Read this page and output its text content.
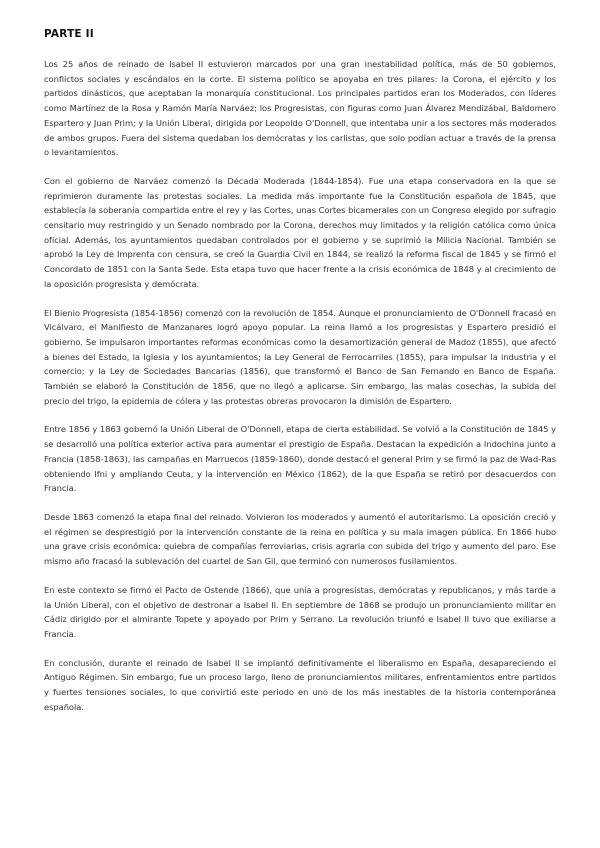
PARTE II

Los 25 años de reinado de Isabel II estuvieron marcados por una gran inestabilidad política, más de 50 gobiernos, conflictos sociales y escándalos en la corte. El sistema político se apoyaba en tres pilares: la Corona, el ejército y los partidos dinásticos, que aceptaban la monarquía constitucional. Los principales partidos eran los Moderados, con líderes como Martínez de la Rosa y Ramón María Narváez; los Progresistas, con figuras como Juan Álvarez Mendizábal, Baldomero Espartero y Juan Prim; y la Unión Liberal, dirigida por Leopoldo O'Donnell, que intentaba unir a los sectores más moderados de ambos grupos. Fuera del sistema quedaban los demócratas y los carlistas, que solo podían actuar a través de la prensa o levantamientos.

Con el gobierno de Narváez comenzó la Década Moderada (1844-1854). Fue una etapa conservadora en la que se reprimieron duramente las protestas sociales. La medida más importante fue la Constitución española de 1845, que establecía la soberanía compartida entre el rey y las Cortes, unas Cortes bicamerales con un Congreso elegido por sufragio censitario muy restringido y un Senado nombrado por la Corona, derechos muy limitados y la religión católica como única oficial. Además, los ayuntamientos quedaban controlados por el gobierno y se suprimió la Milicia Nacional. También se aprobó la Ley de Imprenta con censura, se creó la Guardia Civil en 1844, se realizó la reforma fiscal de 1845 y se firmó el Concordato de 1851 con la Santa Sede. Esta etapa tuvo que hacer frente a la crisis económica de 1848 y al crecimiento de la oposición progresista y demócrata.

El Bienio Progresista (1854-1856) comenzó con la revolución de 1854. Aunque el pronunciamiento de O'Donnell fracasó en Vicálvaro, el Manifiesto de Manzanares logró apoyo popular. La reina llamó a los progresistas y Espartero presidió el gobierno. Se impulsaron importantes reformas económicas como la desamortización general de Madoz (1855), que afectó a bienes del Estado, la Iglesia y los ayuntamientos; la Ley General de Ferrocarriles (1855), para impulsar la industria y el comercio; y la Ley de Sociedades Bancarias (1856), que transformó el Banco de San Fernando en Banco de España. También se elaboró la Constitución de 1856, que no llegó a aplicarse. Sin embargo, las malas cosechas, la subida del precio del trigo, la epidemia de cólera y las protestas obreras provocaron la dimisión de Espartero.

Entre 1856 y 1863 gobernó la Unión Liberal de O'Donnell, etapa de cierta estabilidad. Se volvió a la Constitución de 1845 y se desarrolló una política exterior activa para aumentar el prestigio de España. Destacan la expedición a Indochina junto a Francia (1858-1863), las campañas en Marruecos (1859-1860), donde destacó el general Prim y se firmó la paz de Wad-Ras obteniendo Ifni y ampliando Ceuta, y la intervención en México (1862), de la que España se retiró por desacuerdos con Francia.

Desde 1863 comenzó la etapa final del reinado. Volvieron los moderados y aumentó el autoritarismo. La oposición creció y el régimen se desprestigió por la intervención constante de la reina en política y su mala imagen pública. En 1866 hubo una grave crisis económica: quiebra de compañías ferroviarias, crisis agraria con subida del trigo y aumento del paro. Ese mismo año fracasó la sublevación del cuartel de San Gil, que terminó con numerosos fusilamientos.

En este contexto se firmó el Pacto de Ostende (1866), que unía a progresistas, demócratas y republicanos, y más tarde a la Unión Liberal, con el objetivo de destronar a Isabel II. En septiembre de 1868 se produjo un pronunciamiento militar en Cádiz dirigido por el almirante Topete y apoyado por Prim y Serrano. La revolución triunfó e Isabel II tuvo que exiliarse a Francia.

En conclusión, durante el reinado de Isabel II se implantó definitivamente el liberalismo en España, desapareciendo el Antiguo Régimen. Sin embargo, fue un proceso largo, lleno de pronunciamientos militares, enfrentamientos entre partidos y fuertes tensiones sociales, lo que convirtió este periodo en uno de los más inestables de la historia contemporánea española.
